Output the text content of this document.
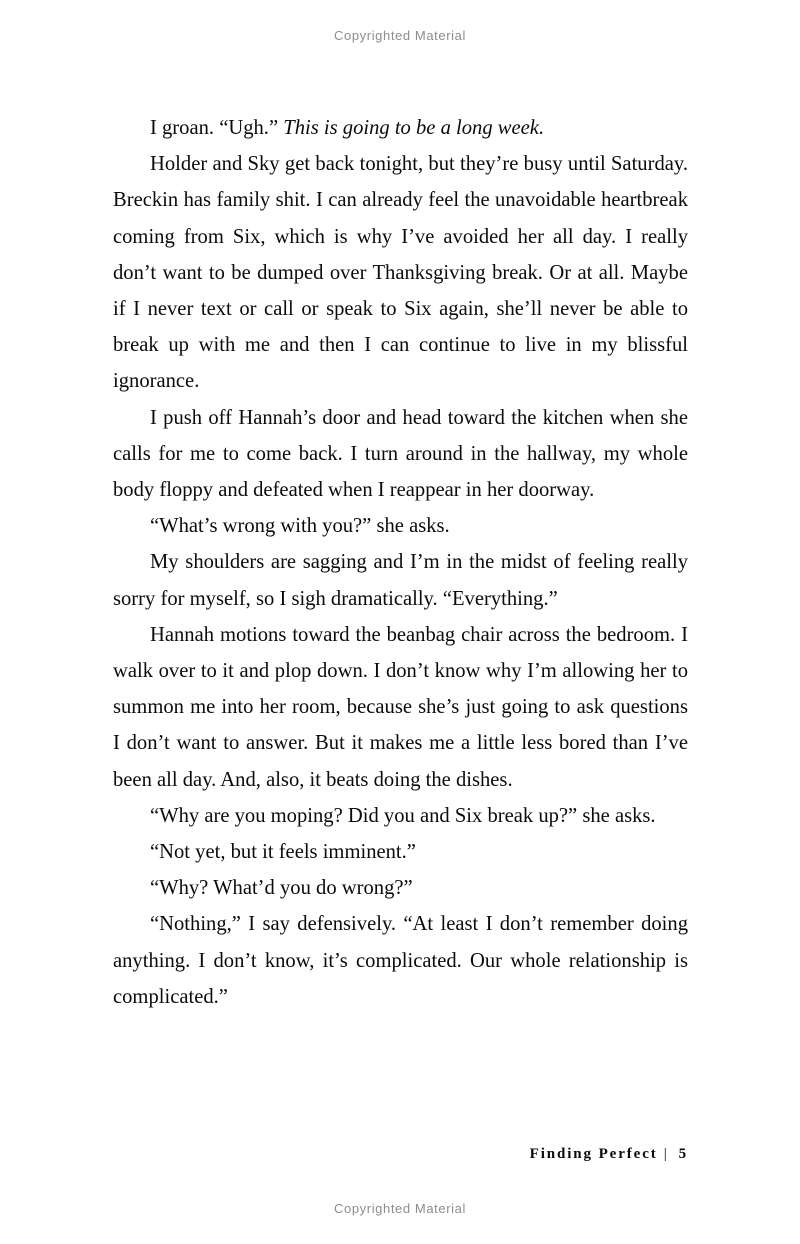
Copyrighted Material

I groan. “Ugh.” This is going to be a long week.

Holder and Sky get back tonight, but they’re busy until Saturday. Breckin has family shit. I can already feel the unavoidable heartbreak coming from Six, which is why I’ve avoided her all day. I really don’t want to be dumped over Thanksgiving break. Or at all. Maybe if I never text or call or speak to Six again, she’ll never be able to break up with me and then I can continue to live in my blissful ignorance.

I push off Hannah’s door and head toward the kitchen when she calls for me to come back. I turn around in the hallway, my whole body floppy and defeated when I reappear in her doorway.

“What’s wrong with you?” she asks.

My shoulders are sagging and I’m in the midst of feeling really sorry for myself, so I sigh dramatically. “Everything.”

Hannah motions toward the beanbag chair across the bedroom. I walk over to it and plop down. I don’t know why I’m allowing her to summon me into her room, because she’s just going to ask questions I don’t want to answer. But it makes me a little less bored than I’ve been all day. And, also, it beats doing the dishes.

“Why are you moping? Did you and Six break up?” she asks.

“Not yet, but it feels imminent.”

“Why? What’d you do wrong?”

“Nothing,” I say defensively. “At least I don’t remember doing anything. I don’t know, it’s complicated. Our whole relationship is complicated.”

Finding Perfect | 5
Copyrighted Material
